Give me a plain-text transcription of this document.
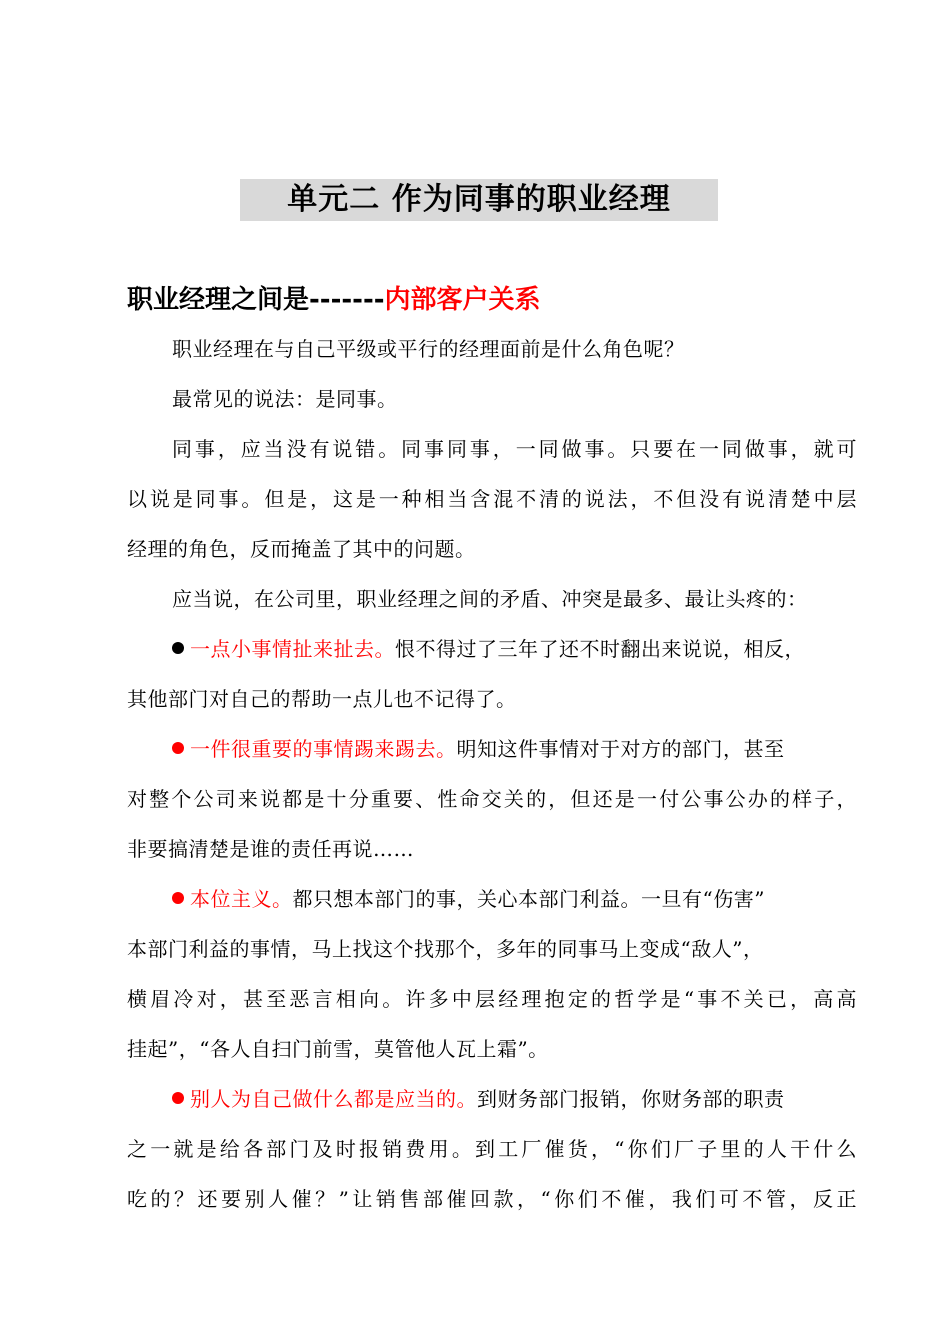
单元二 作为同事的职业经理
职业经理之间是-------内部客户关系
职业经理在与自己平级或平行的经理面前是什么角色呢？
最常见的说法：是同事。
同事，应当没有说错。同事同事，一同做事。只要在一同做事，就可
以说是同事。但是，这是一种相当含混不清的说法，不但没有说清楚中层
经理的角色，反而掩盖了其中的问题。
应当说，在公司里，职业经理之间的矛盾、冲突是最多、最让头疼的：
一点小事情扯来扯去。恨不得过了三年了还不时翻出来说说，相反，
其他部门对自己的帮助一点儿也不记得了。
一件很重要的事情踢来踢去。明知这件事情对于对方的部门，甚至
对整个公司来说都是十分重要、性命交关的，但还是一付公事公办的样子，
非要搞清楚是谁的责任再说……
本位主义。都只想本部门的事，关心本部门利益。一旦有“伤害”
本部门利益的事情，马上找这个找那个，多年的同事马上变成“敌人”，
横眉冷对，甚至恶言相向。许多中层经理抱定的哲学是“事不关已，高高
挂起”，“各人自扫门前雪，莫管他人瓦上霜”。
别人为自己做什么都是应当的。到财务部门报销，你财务部的职责
之一就是给各部门及时报销费用。到工厂催货，“你们厂子里的人干什么
吃的？还要别人催？”让销售部催回款，“你们不催，我们可不管，反正
